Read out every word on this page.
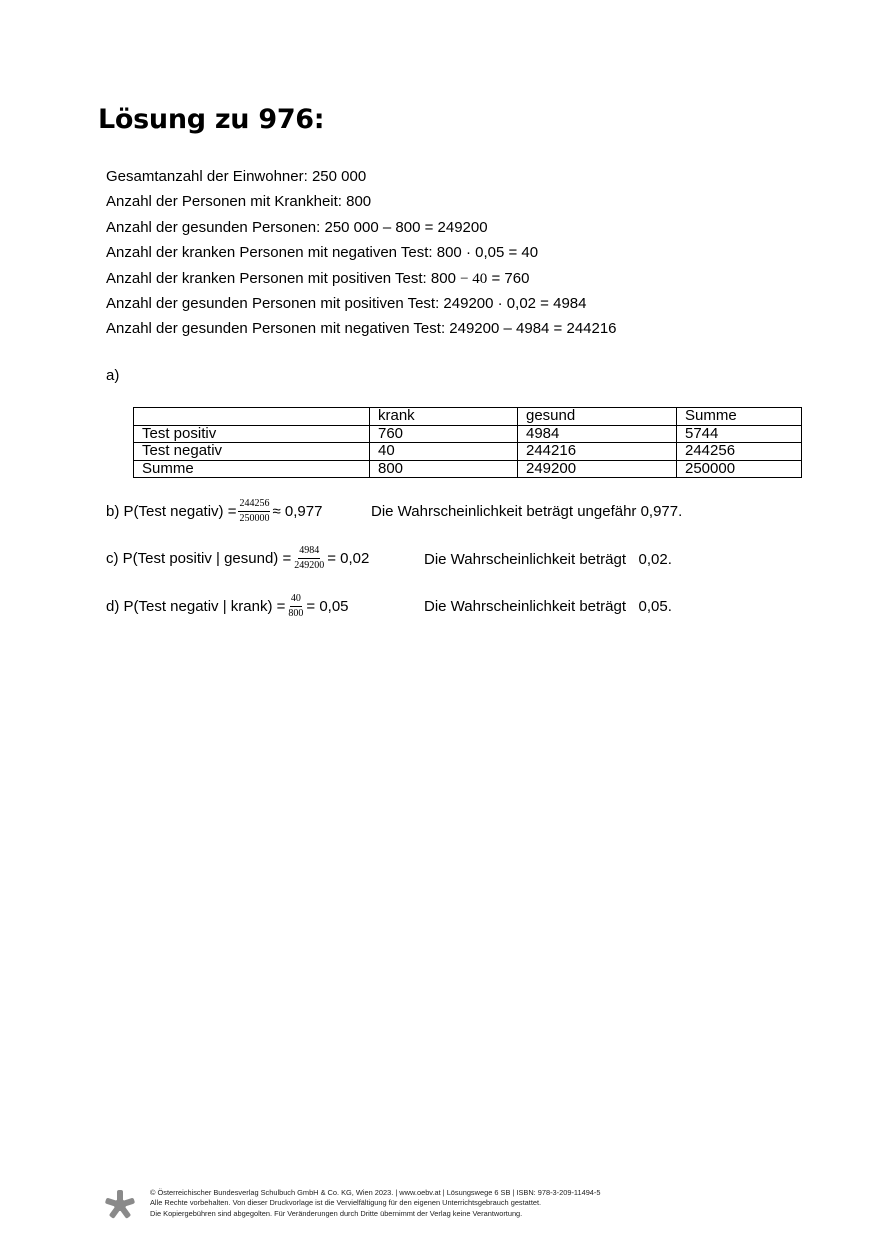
Lösung zu 976:
Gesamtanzahl der Einwohner: 250 000
Anzahl der Personen mit Krankheit: 800
Anzahl der gesunden Personen: 250 000 – 800 = 249200
Anzahl der kranken Personen mit negativen Test: 800 · 0,05 = 40
Anzahl der kranken Personen mit positiven Test: 800 − 40 = 760
Anzahl der gesunden Personen mit positiven Test: 249200 · 0,02 = 4984
Anzahl der gesunden Personen mit negativen Test: 249200 – 4984 = 244216
a)
	krank	gesund	Summe
Test positiv	760	4984	5744
Test negativ	40	244216	244256
Summe	800	249200	250000
b) P(Test negativ) = $\frac{244256}{250000} \approx 0,977$	Die Wahrscheinlichkeit beträgt ungefähr 0,977.
c) P(Test positiv | gesund) = $\frac{4984}{249200} = 0,02$	Die Wahrscheinlichkeit beträgt   0,02.
d) P(Test negativ | krank) = $\frac{40}{800} = 0,05$	Die Wahrscheinlichkeit beträgt   0,05.
© Österreichischer Bundesverlag Schulbuch GmbH & Co. KG, Wien 2023. | www.oebv.at | Lösungswege 6 SB | ISBN: 978-3-209-11494-5
Alle Rechte vorbehalten. Von dieser Druckvorlage ist die Vervielfältigung für den eigenen Unterrichtsgebrauch gestattet.
Die Kopiergebühren sind abgegolten. Für Veränderungen durch Dritte übernimmt der Verlag keine Verantwortung.
